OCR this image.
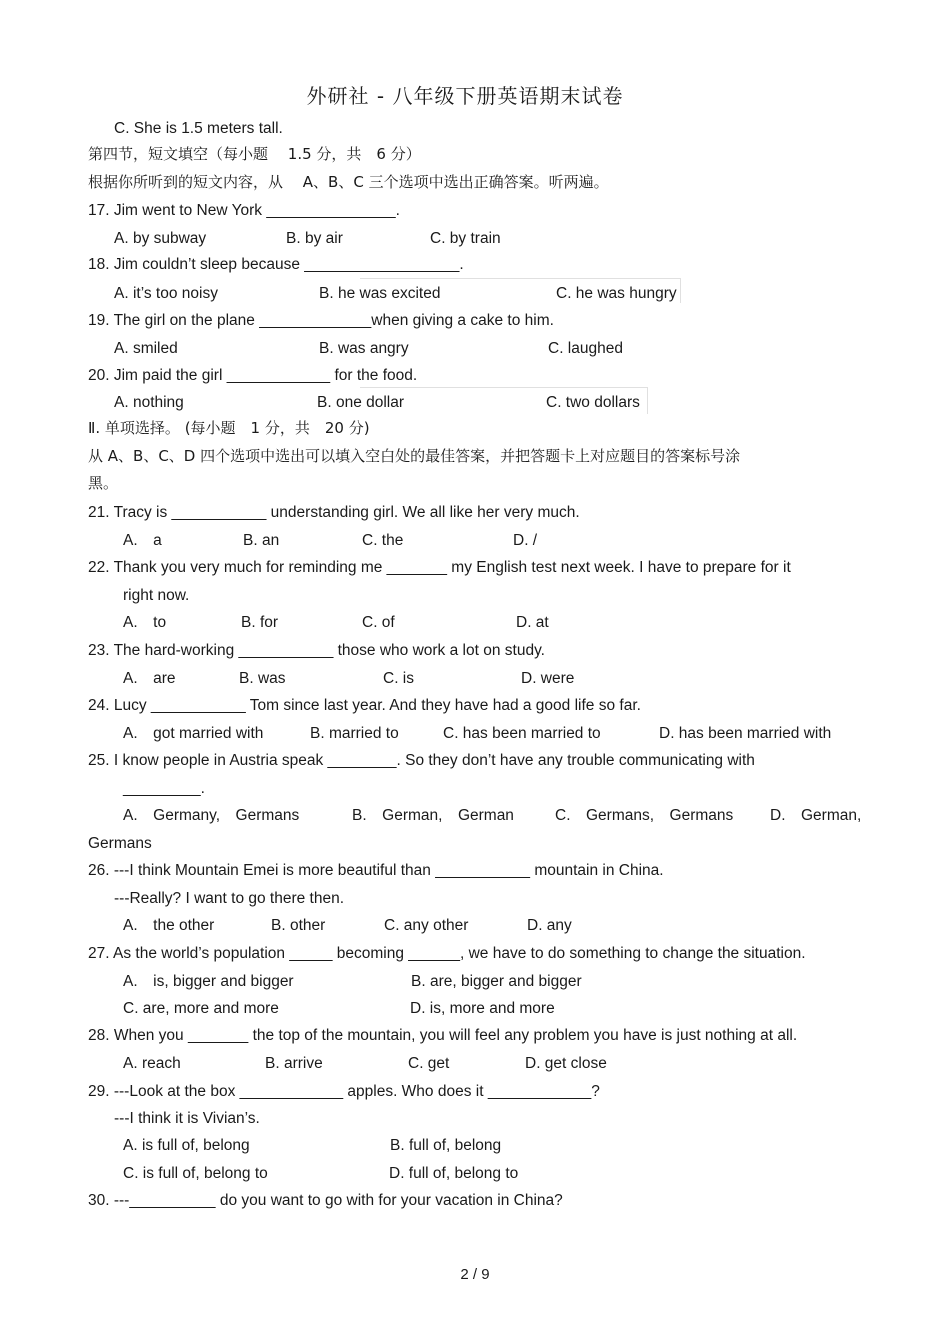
外研社 - 八年级下册英语期末试卷
C. She is 1.5 meters tall.
第四节，短文填空（每小题　 1.5 分，共　6 分）
根据你所听到的短文内容，从　 A、B、C 三个选项中选出正确答案。听两遍。
17. Jim went to New York _______________.
A. by subway	B. by air	C. by train
18. Jim couldn’t sleep because __________________.
A. it’s too noisy	B. he was excited	C. he was hungry
19. The girl on the plane _____________when giving a cake to him.
A. smiled	B. was angry	C. laughed
20. Jim paid the girl ____________ for the food.
A. nothing	B. one dollar	C. two dollars
Ⅱ. 单项选择。 (每小题　1 分，共　20 分)
从 A、B、C、D 四个选项中选出可以填入空白处的最佳答案，并把答题卡上对应题目的答案标号涂
黑。
21. Tracy is ___________ understanding girl. We all like her very much.
A.　a	B. an	C. the	D. /
22. Thank you very much for reminding me _______ my English test next week. I have to prepare for it
right now.
A.　to	B. for	C. of	D. at
23. The hard-working ___________ those who work a lot on study.
A.　are	B. was	C. is	D. were
24. Lucy ___________ Tom since last year. And they have had a good life so far.
A.　got married with	B. married to	C. has been married to	D. has been married with
25. I know people in Austria speak ________. So they don’t have any trouble communicating with
_________.
A.　Germany,　Germans	B.　German,　German	C.　Germans,　Germans D.　German,
Germans
26. ---I think Mountain Emei is more beautiful than ___________ mountain in China.
---Really? I want to go there then.
A.　the other	B. other	C. any other	D. any
27. As the world’s population _____ becoming ______, we have to do something to change the situation.
A.　is, bigger and bigger	B. are, bigger and bigger
C. are, more and more	D. is, more and more
28. When you _______ the top of the mountain, you will feel any problem you have is just nothing at all.
A. reach	B. arrive	C. get	D. get close
29. ---Look at the box ____________ apples. Who does it ____________?
---I think it is Vivian’s.
A. is full of, belong	B. full of, belong
C. is full of, belong to	D. full of, belong to
30. ---__________ do you want to go with for your vacation in China?
2 / 9
